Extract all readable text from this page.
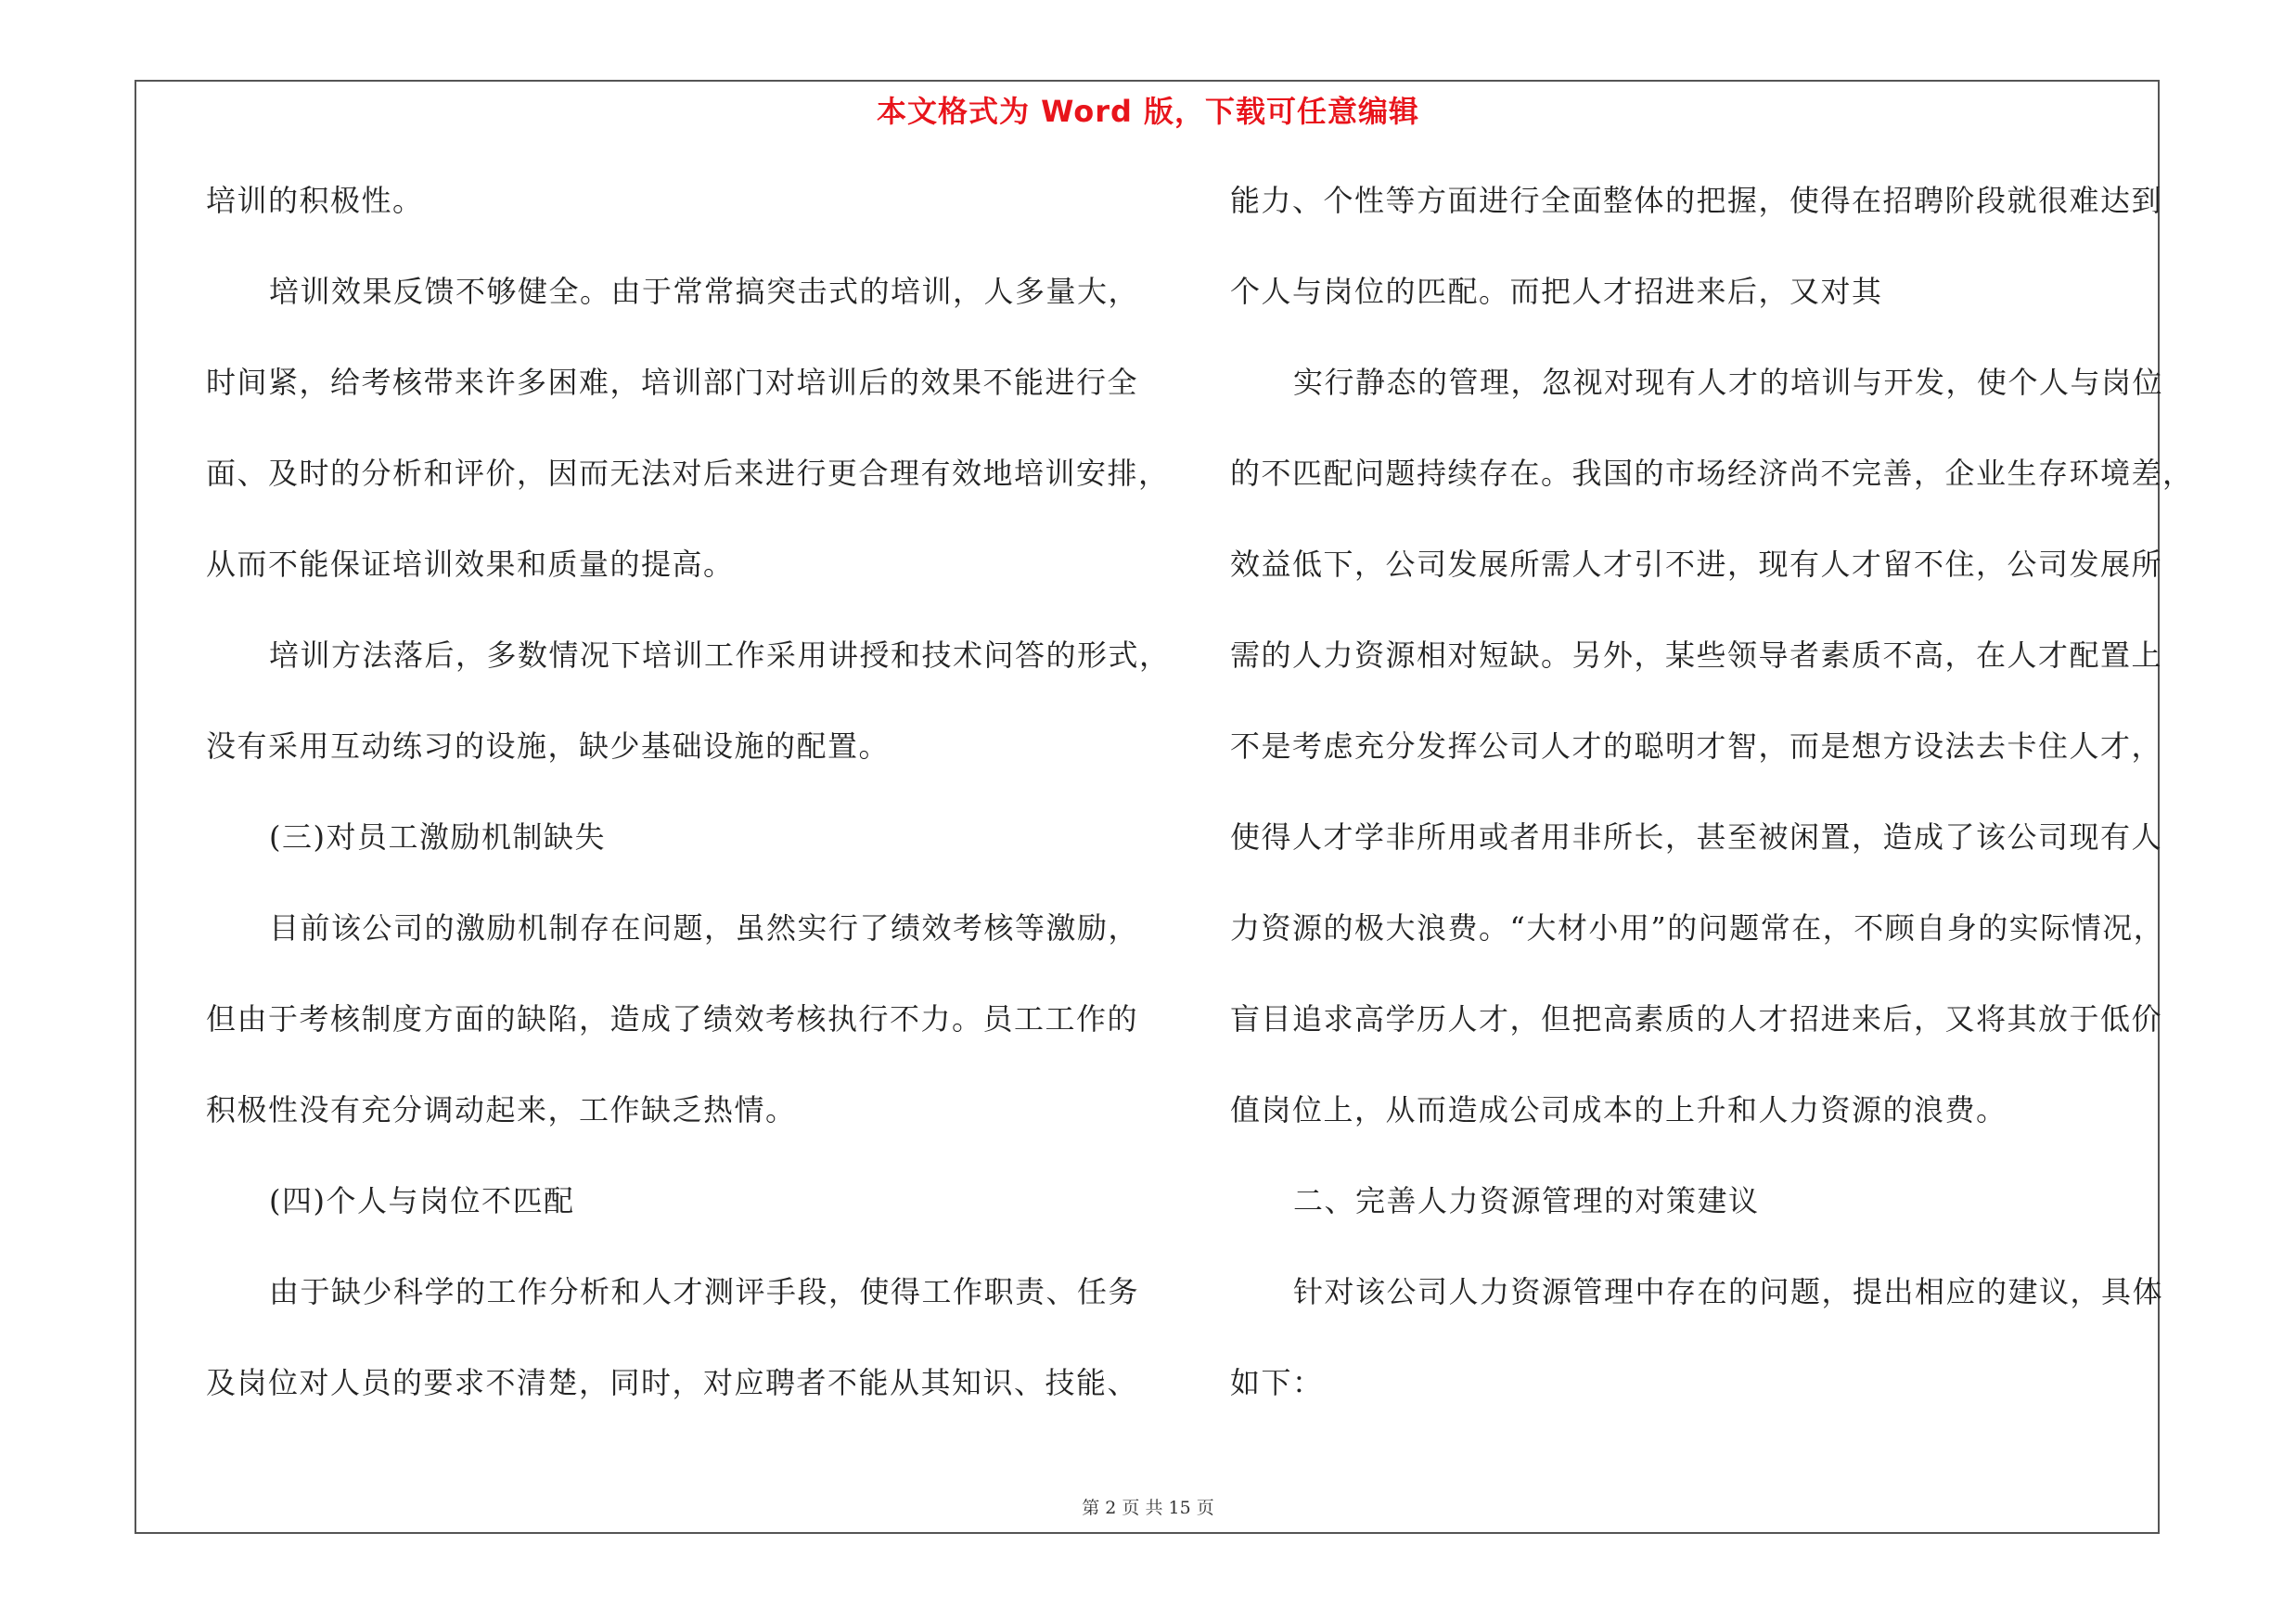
本文格式为 Word 版，下载可任意编辑
培训的积极性。
培训效果反馈不够健全。由于常常搞突击式的培训，人多量大，
时间紧，给考核带来许多困难，培训部门对培训后的效果不能进行全
面、及时的分析和评价，因而无法对后来进行更合理有效地培训安排，
从而不能保证培训效果和质量的提高。
培训方法落后，多数情况下培训工作采用讲授和技术问答的形式，
没有采用互动练习的设施，缺少基础设施的配置。
(三)对员工激励机制缺失
目前该公司的激励机制存在问题，虽然实行了绩效考核等激励，
但由于考核制度方面的缺陷，造成了绩效考核执行不力。员工工作的
积极性没有充分调动起来，工作缺乏热情。
(四)个人与岗位不匹配
由于缺少科学的工作分析和人才测评手段，使得工作职责、任务
及岗位对人员的要求不清楚，同时，对应聘者不能从其知识、技能、
能力、个性等方面进行全面整体的把握，使得在招聘阶段就很难达到
个人与岗位的匹配。而把人才招进来后，又对其
实行静态的管理，忽视对现有人才的培训与开发，使个人与岗位
的不匹配问题持续存在。我国的市场经济尚不完善，企业生存环境差，
效益低下，公司发展所需人才引不进，现有人才留不住，公司发展所
需的人力资源相对短缺。另外，某些领导者素质不高，在人才配置上
不是考虑充分发挥公司人才的聪明才智，而是想方设法去卡住人才，
使得人才学非所用或者用非所长，甚至被闲置，造成了该公司现有人
力资源的极大浪费。“大材小用”的问题常在，不顾自身的实际情况，
盲目追求高学历人才，但把高素质的人才招进来后，又将其放于低价
值岗位上，从而造成公司成本的上升和人力资源的浪费。
二、完善人力资源管理的对策建议
针对该公司人力资源管理中存在的问题，提出相应的建议，具体
如下：
第 2 页 共 15 页
